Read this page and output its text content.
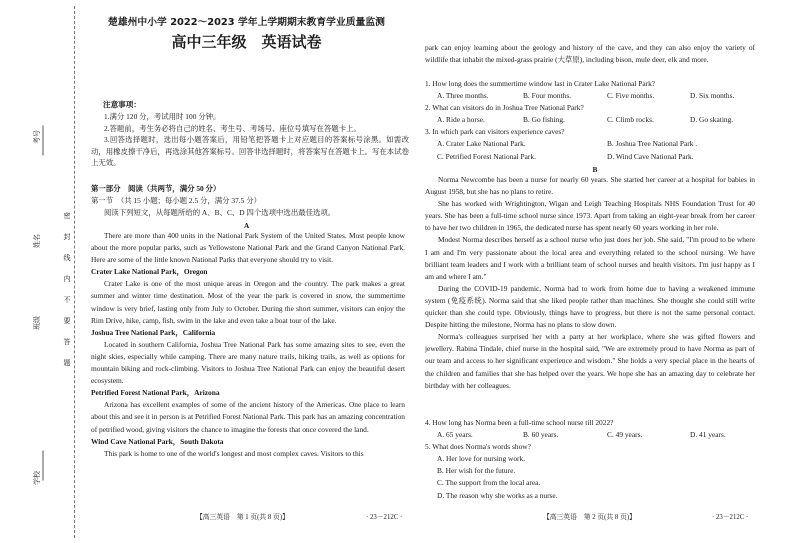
考号
姓名
班级
学校
密
封
线
内
不
要
答
题
楚雄州中小学 2022～2023 学年上学期期末教育学业质量监测
高中三年级　英语试卷
注意事项：

1.满分 120 分，考试用时 100 分钟。

2.答题前，考生务必将自己的姓名、考生号、考场号、座位号填写在答题卡上。

3.回答选择题时，选出每小题答案后，用铅笔把答题卡上对应题目的答案标号涂黑。如需改动，用橡皮擦干净后，再选涂其他答案标号。回答非选择题时，将答案写在答题卡上。写在本试卷上无效。

第一部分　阅读（共两节，满分 50 分）
第一节　（共 15 小题；每小题 2.5 分，满分 37.5 分）
阅读下列短文，从每题所给的 A、B、C、D 四个选项中选出最佳选项。
A

There are more than 400 units in the National Park System of the United States. Most people know about the more popular parks, such as Yellowstone National Park and the Grand Canyon National Park. Here are some of the little known National Parks that everyone should try to visit.

Crater Lake National Park，Oregon

Crater Lake is one of the most unique areas in Oregon and the country. The park makes a great summer and winter time destination. Most of the year the park is covered in snow, the summertime window is very brief, lasting only from July to October. During the short summer, visitors can enjoy the Rim Drive, hike, camp, fish, swim in the lake and even take a boat tour of the lake.

Joshua Tree National Park，California

Located in southern California, Joshua Tree National Park has some amazing sites to see, even the night skies, especially while camping. There are many nature trails, hiking trails, as well as options for mountain biking and rock-climbing. Visitors to Joshua Tree National Park can enjoy the beautiful desert ecosystem.

Petrified Forest National Park，Arizona

Arizona has excellent examples of some of the ancient history of the Americas. One place to learn about this and see it in person is at Petrified Forest National Park. This park has an amazing concentration of petrified wood, giving visitors the chance to imagine the forests that once covered the land.

Wind Cave National Park，South Dakota

This park is home to one of the world's longest and most complex caves. Visitors to this

【高三英语　第 1 页(共 8 页)】	· 23－212C ·
park can enjoy learning about the geology and history of the cave, and they can also enjoy the variety of wildlife that inhabit the mixed-grass prairie (大草原), including bison, mule deer, elk and more.
1. How long does the summertime window last in Crater Lake National Park?
A. Three months.	B. Four months.	C. Five months.	D. Six months.
2. What can visitors do in Joshua Tree National Park?
A. Ride a horse.	B. Go fishing.	C. Climb rocks.	D. Go skating.
3. In which park can visitors experience caves?
A. Crater Lake National Park.	B. Joshua Tree National Park .
C. Petrified Forest National Park.	D. Wind Cave National Park.
B

Norma Newcombe has been a nurse for nearly 60 years. She started her career at a hospital for babies in August 1958, but she has no plans to retire.

She has worked with Wrightington, Wigan and Leigh Teaching Hospitals NHS Foundation Trust for 40 years. She has been a full-time school nurse since 1973. Apart from taking an eight-year break from her career to have her two children in 1965, the dedicated nurse has spent nearly 60 years working in her role.

Modest Norma describes herself as a school nurse who just does her job. She said, "I'm proud to be where I am and I'm very passionate about the local area and everything related to the school nursing. We have brilliant team leaders and I work with a brilliant team of school nurses and health visitors. I'm just happy as I am and where I am."

During the COVID-19 pandemic, Norma had to work from home due to having a weakened immune system (免疫系统). Norma said that she liked people rather than machines. She thought she could still write quicker than she could type. Obviously, things have to progress, but there is not the same personal contact. Despite hitting the milestone, Norma has no plans to slow down.

Norma's colleagues surprised her with a party at her workplace, where she was gifted flowers and jewellery. Rabina Tindale, chief nurse in the hospital said, "We are extremely proud to have Norma as part of our team and access to her significant experience and wisdom." She holds a very special place in the hearts of the children and families that she has helped over the years. We hope she has an amazing day to celebrate her birthday with her colleagues.

4. How long has Norma been a full-time school nurse till 2022?
A. 65 years.	B. 60 years.	C. 49 years.	D. 41 years.
5. What does Norma's words show?
A. Her love for nursing work.
B. Her wish for the future.
C. The support from the local area.
D. The reason why she works as a nurse.
【高三英语　第 2 页(共 8 页)】	· 23－212C ·
